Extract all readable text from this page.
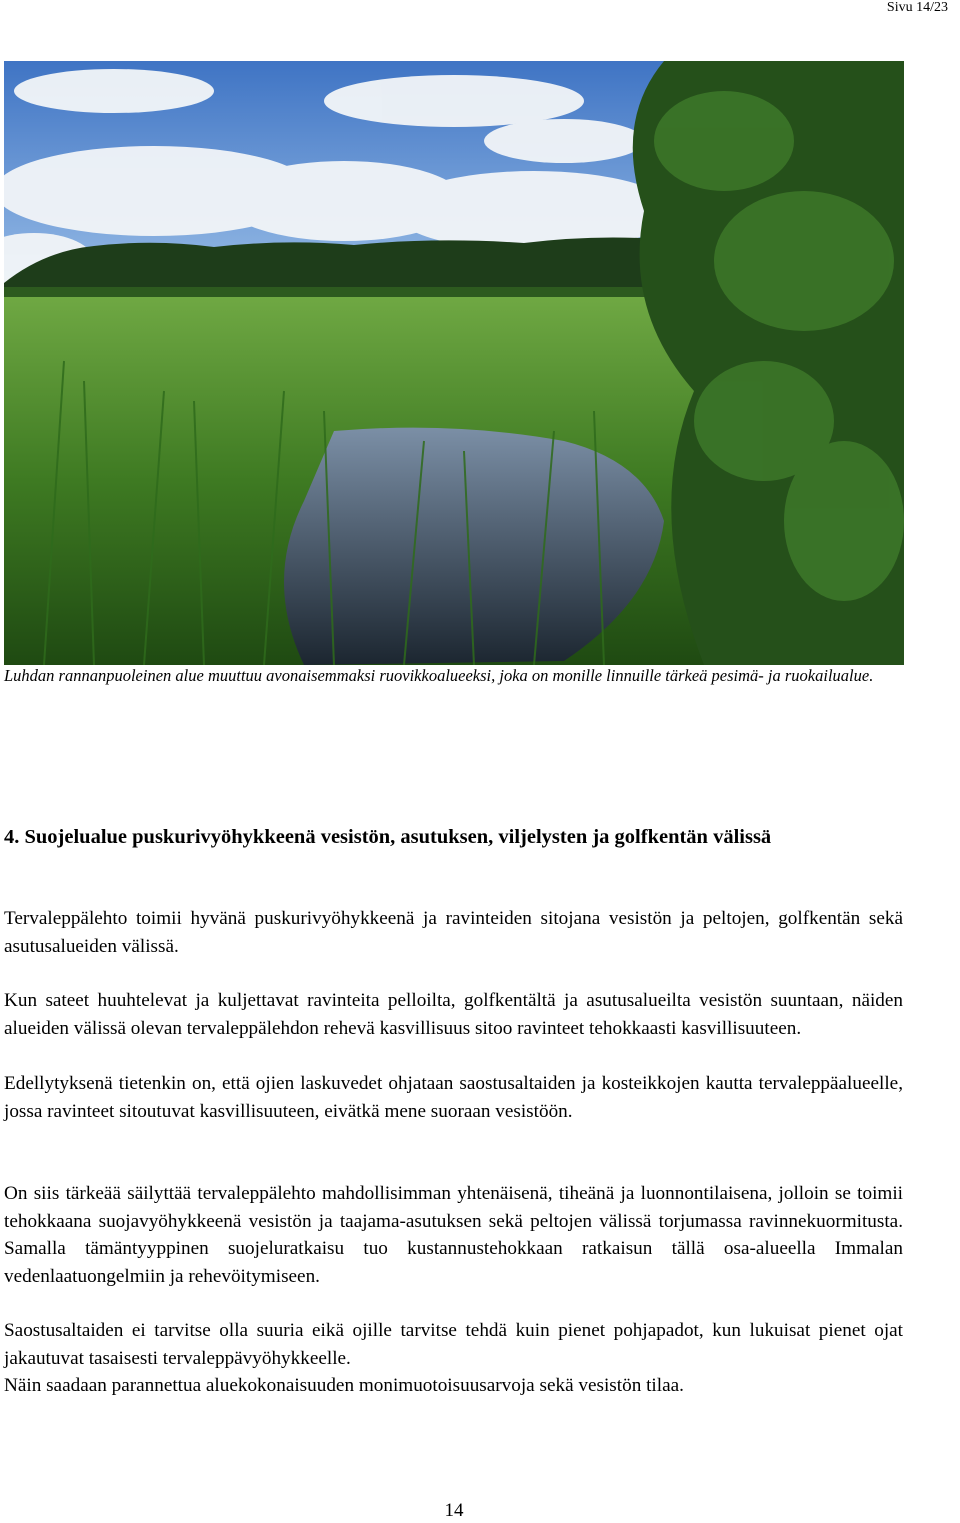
Sivu 14/23
Luhdan rannanpuoleinen alue muuttuu avonaisemmaksi ruovikkoalueeksi, joka on monille linnuille tärkeä pesimä- ja ruokailualue.
4. Suojelualue puskurivyöhykkeenä vesistön, asutuksen, viljelysten ja golfkentän välissä

Tervaleppälehto toimii hyvänä puskurivyöhykkeenä ja ravinteiden sitojana vesistön ja peltojen, golfkentän sekä asutusalueiden välissä.

Kun sateet huuhtelevat ja kuljettavat ravinteita pelloilta, golfkentältä ja asutusalueilta vesistön suuntaan, näiden alueiden välissä olevan tervaleppälehdon rehevä kasvillisuus sitoo ravinteet tehokkaasti kasvillisuuteen.

Edellytyksenä tietenkin on, että ojien laskuvedet ohjataan saostusaltaiden ja kosteikkojen kautta tervaleppäalueelle, jossa ravinteet sitoutuvat kasvillisuuteen, eivätkä mene suoraan vesistöön.

On siis tärkeää säilyttää tervaleppälehto mahdollisimman yhtenäisenä, tiheänä ja luonnontilaisena, jolloin se toimii tehokkaana suojavyöhykkeenä vesistön ja taajama-asutuksen sekä peltojen välissä torjumassa ravinnekuormitusta. Samalla tämäntyyppinen suojeluratkaisu tuo kustannustehokkaan ratkaisun tällä osa-alueella Immalan vedenlaatuongelmiin ja rehevöitymiseen.

Saostusaltaiden ei tarvitse olla suuria eikä ojille tarvitse tehdä kuin pienet pohjapadot, kun lukuisat pienet ojat jakautuvat tasaisesti tervaleppävyöhykkeelle.

Näin saadaan parannettua aluekokonaisuuden monimuotoisuusarvoja sekä vesistön tilaa.

14
